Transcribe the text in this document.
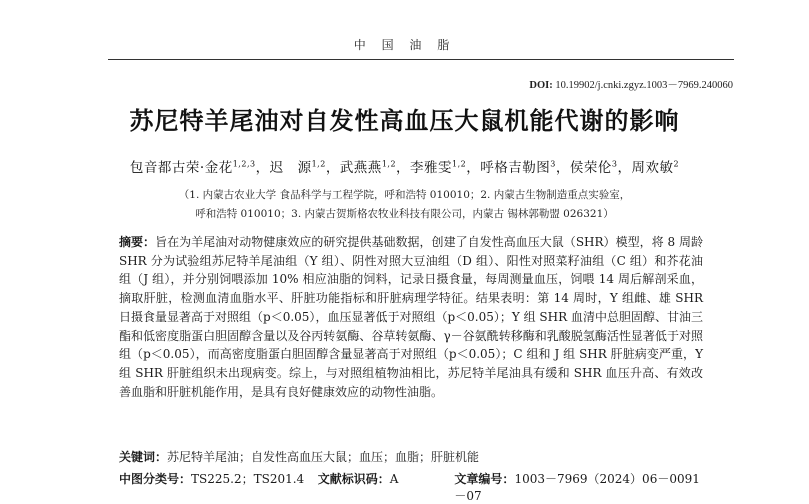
中 国 油 脂
DOI: 10.19902/j.cnki.zgyz.1003－7969.240060
苏尼特羊尾油对自发性高血压大鼠机能代谢的影响
包音都古荣·金花$^{1,2,3}$，迟　源$^{1,2}$，武燕燕$^{1,2}$，李雅雯$^{1,2}$，呼格吉勒图$^3$，侯荣伦$^3$，周欢敏$^2$
（1. 内蒙古农业大学 食品科学与工程学院，呼和浩特 010010；2. 内蒙古生物制造重点实验室，
呼和浩特 010010；3. 内蒙古贺斯格农牧业科技有限公司，内蒙古 锡林郭勒盟 026321）
摘要：旨在为羊尾油对动物健康效应的研究提供基础数据，创建了自发性高血压大鼠（SHR）模型，将 8 周龄 SHR 分为试验组苏尼特羊尾油组（Y 组）、阴性对照大豆油组（D 组）、阳性对照菜籽油组（C 组）和芥花油组（J 组），并分别饲喂添加 10% 相应油脂的饲料，记录日摄食量，每周测量血压，饲喂 14 周后解剖采血，摘取肝脏，检测血清血脂水平、肝脏功能指标和肝脏病理学特征。结果表明：第 14 周时，Y 组雌、雄 SHR 日摄食量显著高于对照组（p＜0.05），血压显著低于对照组（p＜0.05）；Y 组 SHR 血清中总胆固醇、甘油三酯和低密度脂蛋白胆固醇含量以及谷丙转氨酶、谷草转氨酶、γ－谷氨酰转移酶和乳酸脱氢酶活性显著低于对照组（p＜0.05），而高密度脂蛋白胆固醇含量显著高于对照组（p＜0.05）；C 组和 J 组 SHR 肝脏病变严重，Y 组 SHR 肝脏组织未出现病变。综上，与对照组植物油相比，苏尼特羊尾油具有缓和 SHR 血压升高、有效改善血脂和肝脏机能作用，是具有良好健康效应的动物性油脂。
关键词：苏尼特羊尾油；自发性高血压大鼠；血压；血脂；肝脏机能
中图分类号：TS225.2；TS201.4	文献标识码：A	文章编号：1003－7969（2024）06－0091－07
